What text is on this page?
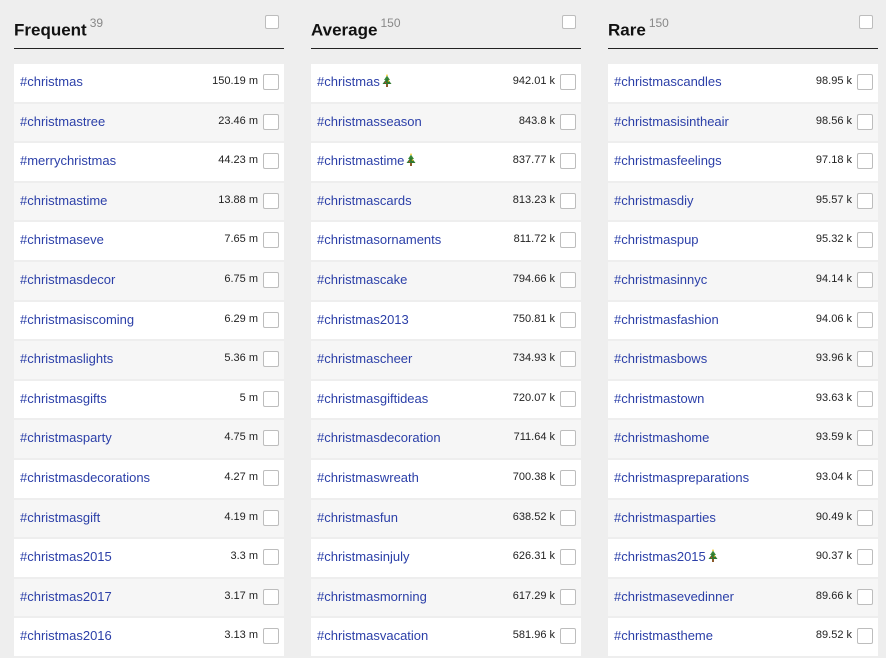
Frequent $^{39}$
#christmas	150.19 m
#christmastree	23.46 m
#merrychristmas	44.23 m
#christmastime	13.88 m
#christmaseve	7.65 m
#christmasdecor	6.75 m
#christmasiscoming	6.29 m
#christmaslights	5.36 m
#christmasgifts	5 m
#christmasparty	4.75 m
#christmasdecorations	4.27 m
#christmasgift	4.19 m
#christmas2015	3.3 m
#christmas2017	3.17 m
#christmas2016	3.13 m
Average $^{150}$
#christmas	942.01 k
#christmasseason	843.8 k
#christmastime	837.77 k
#christmascards	813.23 k
#christmasornaments	811.72 k
#christmascake	794.66 k
#christmas2013	750.81 k
#christmascheer	734.93 k
#christmasgiftideas	720.07 k
#christmasdecoration	711.64 k
#christmaswreath	700.38 k
#christmasfun	638.52 k
#christmasinjuly	626.31 k
#christmasmorning	617.29 k
#christmasvacation	581.96 k
Rare $^{150}$
#christmascandles	98.95 k
#christmasisintheair	98.56 k
#christmasfeelings	97.18 k
#christmasdiy	95.57 k
#christmaspup	95.32 k
#christmasinnyc	94.14 k
#christmasfashion	94.06 k
#christmasbows	93.96 k
#christmastown	93.63 k
#christmashome	93.59 k
#christmaspreparations	93.04 k
#christmasparties	90.49 k
#christmas2015	90.37 k
#christmasevedinner	89.66 k
#christmastheme	89.52 k
